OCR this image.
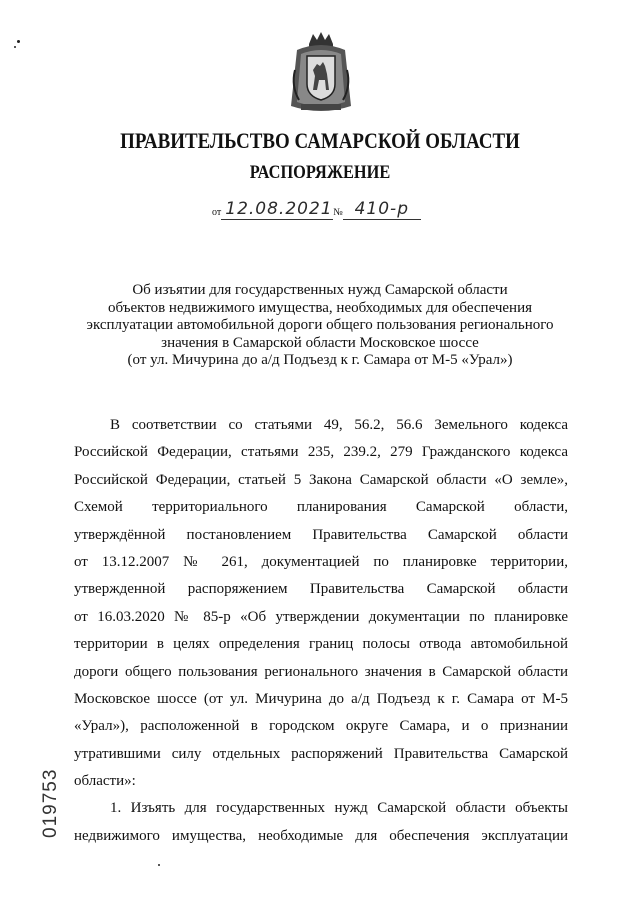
ПРАВИТЕЛЬСТВО САМАРСКОЙ ОБЛАСТИ
РАСПОРЯЖЕНИЕ
от 12.08.2021 № 410-р
Об изъятии для государственных нужд Самарской области
объектов недвижимого имущества, необходимых для обеспечения
эксплуатации автомобильной дороги общего пользования регионального
значения в Самарской области Московское шоссе
(от ул. Мичурина до а/д Подъезд к г. Самара от М-5 «Урал»)
В соответствии со статьями 49, 56.2, 56.6 Земельного кодекса
Российской Федерации, статьями 235, 239.2, 279 Гражданского кодекса
Российской Федерации, статьей 5 Закона Самарской области «О земле»,
Схемой территориального планирования Самарской области,
утверждённой постановлением Правительства Самарской области
от 13.12.2007 № 261, документацией по планировке территории,
утвержденной распоряжением Правительства Самарской области
от 16.03.2020 № 85-р «Об утверждении документации по планировке
территории в целях определения границ полосы отвода автомобильной
дороги общего пользования регионального значения в Самарской области
Московское шоссе (от ул. Мичурина до а/д Подъезд к г. Самара от М-5
«Урал»), расположенной в городском округе Самара, и о признании
утратившими силу отдельных распоряжений Правительства Самарской
области»:
1. Изъять для государственных нужд Самарской области объекты
недвижимого имущества, необходимые для обеспечения эксплуатации
019753
